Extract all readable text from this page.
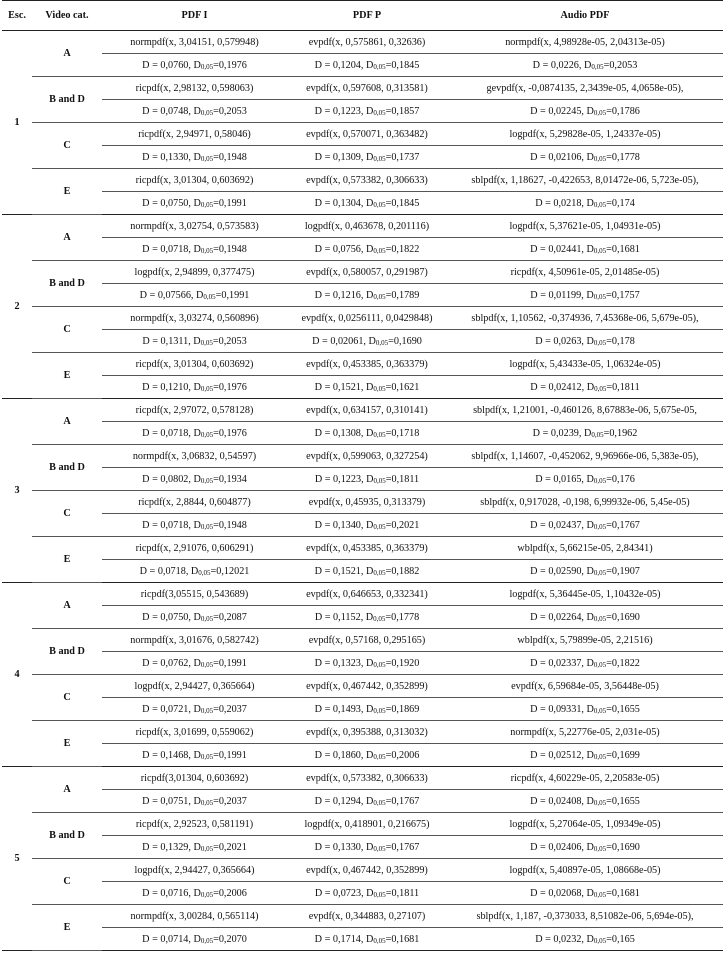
Esc.	Video cat.	PDF I	PDF P	Audio PDF
1	A	normpdf(x, 3,04151, 0,579948)	evpdf(x, 0,575861, 0,32636)	normpdf(x, 4,98928e-05, 2,04313e-05)
		D = 0,0760, $D_{0,05}=0,1976$	D = 0,1204, $D_{0,05}=0,1845$	D = 0,0226, $D_{0,05}=0,2053$
	B and D	ricpdf(x, 2,98132, 0,598063)	evpdf(x, 0,597608, 0,313581)	gevpdf(x, -0,0874135, 2,3439e-05, 4,0658e-05),
		D = 0,0748, $D_{0,05}=0,2053$	D = 0,1223, $D_{0,05}=0,1857$	D = 0,02245, $D_{0,05}=0,1786$
	C	ricpdf(x, 2,94971, 0,58046)	evpdf(x, 0,570071, 0,363482)	logpdf(x, 5,29828e-05, 1,24337e-05)
		D = 0,1330, $D_{0,05}=0,1948$	D = 0,1309, $D_{0,05}=0,1737$	D = 0,02106, $D_{0,05}=0,1778$
	E	ricpdf(x, 3,01304, 0,603692)	evpdf(x, 0,573382, 0,306633)	sblpdf(x, 1,18627, -0,422653, 8,01472e-06, 5,723e-05),
		D = 0,0750, $D_{0,05}=0,1991$	D = 0,1304, $D_{0,05}=0,1845$	D = 0,0218, $D_{0,05}=0,174$
2	A	normpdf(x, 3,02754, 0,573583)	logpdf(x, 0,463678, 0,201116)	logpdf(x, 5,37621e-05, 1,04931e-05)
		D = 0,0718, $D_{0,05}=0,1948$	D = 0,0756, $D_{0,05}=0,1822$	D = 0,02441, $D_{0,05}=0,1681$
	B and D	logpdf(x, 2,94899, 0,377475)	evpdf(x, 0,580057, 0,291987)	ricpdf(x, 4,50961e-05, 2,01485e-05)
		D = 0,07566, $D_{0,05}=0,1991$	D = 0,1216, $D_{0,05}=0,1789$	D = 0,01199, $D_{0,05}=0,1757$
	C	normpdf(x, 3,03274, 0,560896)	evpdf(x, 0,0256111, 0,0429848)	sblpdf(x, 1,10562, -0,374936, 7,45368e-06, 5,679e-05),
		D = 0,1311, $D_{0,05}=0,2053$	D = 0,02061, $D_{0,05}=0,1690$	D = 0,0263, $D_{0,05}=0,178$
	E	ricpdf(x, 3,01304, 0,603692)	evpdf(x, 0,453385, 0,363379)	logpdf(x, 5,43433e-05, 1,06324e-05)
		D = 0,1210, $D_{0,05}=0,1976$	D = 0,1521, $D_{0,05}=0,1621$	D = 0,02412, $D_{0,05}=0,1811$
3	A	ricpdf(x, 2,97072, 0,578128)	evpdf(x, 0,634157, 0,310141)	sblpdf(x, 1,21001, -0,460126, 8,67883e-06, 5,675e-05,
		D = 0,0718, $D_{0,05}=0,1976$	D = 0,1308, $D_{0,05}=0,1718$	D = 0,0239, $D_{0,05}=0,1962$
	B and D	normpdf(x, 3,06832, 0,54597)	evpdf(x, 0,599063, 0,327254)	sblpdf(x, 1,14607, -0,452062, 9,96966e-06, 5,383e-05),
		D = 0,0802, $D_{0,05}=0,1934$	D = 0,1223, $D_{0,05}=0,1811$	D = 0,0165, $D_{0,05}=0,176$
	C	ricpdf(x, 2,8844, 0,604877)	evpdf(x, 0,45935, 0,313379)	sblpdf(x, 0,917028, -0,198, 6,99932e-06, 5,45e-05)
		D = 0,0718, $D_{0,05}=0,1948$	D = 0,1340, $D_{0,05}=0,2021$	D = 0,02437, $D_{0,05}=0,1767$
	E	ricpdf(x, 2,91076, 0,606291)	evpdf(x, 0,453385, 0,363379)	wblpdf(x, 5,66215e-05, 2,84341)
		D = 0,0718, $D_{0,05}=0,12021$	D = 0,1521, $D_{0,05}=0,1882$	D = 0,02590, $D_{0,05}=0,1907$
4	A	ricpdf(3,05515, 0,543689)	evpdf(x, 0,646653, 0,332341)	logpdf(x, 5,36445e-05, 1,10432e-05)
		D = 0,0750, $D_{0,05}=0,2087$	D = 0,1152, $D_{0,05}=0,1778$	D = 0,02264, $D_{0,05}=0,1690$
	B and D	normpdf(x, 3,01676, 0,582742)	evpdf(x, 0,57168, 0,295165)	wblpdf(x, 5,79899e-05, 2,21516)
		D = 0,0762, $D_{0,05}=0,1991$	D = 0,1323, $D_{0,05}=0,1920$	D = 0,02337, $D_{0,05}=0,1822$
	C	logpdf(x, 2,94427, 0,365664)	evpdf(x, 0,467442, 0,352899)	evpdf(x, 6,59684e-05, 3,56448e-05)
		D = 0,0721, $D_{0,05}=0,2037$	D = 0,1493, $D_{0,05}=0,1869$	D = 0,09331, $D_{0,05}=0,1655$
	E	ricpdf(x, 3,01699, 0,559062)	evpdf(x, 0,395388, 0,313032)	normpdf(x, 5,22776e-05, 2,031e-05)
		D = 0,1468, $D_{0,05}=0,1991$	D = 0,1860, $D_{0,05}=0,2006$	D = 0,02512, $D_{0,05}=0,1699$
5	A	ricpdf(3,01304, 0,603692)	evpdf(x, 0,573382, 0,306633)	ricpdf(x, 4,60229e-05, 2,20583e-05)
		D = 0,0751, $D_{0,05}=0,2037$	D = 0,1294, $D_{0,05}=0,1767$	D = 0,02408, $D_{0,05}=0,1655$
	B and D	ricpdf(x, 2,92523, 0,581191)	logpdf(x, 0,418901, 0,216675)	logpdf(x, 5,27064e-05, 1,09349e-05)
		D = 0,1329, $D_{0,05}=0,2021$	D = 0,1330, $D_{0,05}=0,1767$	D = 0,02406, $D_{0,05}=0,1690$
	C	logpdf(x, 2,94427, 0,365664)	evpdf(x, 0,467442, 0,352899)	logpdf(x, 5,40897e-05, 1,08668e-05)
		D = 0,0716, $D_{0,05}=0,2006$	D = 0,0723, $D_{0,05}=0,1811$	D = 0,02068, $D_{0,05}=0,1681$
	E	normpdf(x, 3,00284, 0,565114)	evpdf(x, 0,344883, 0,27107)	sblpdf(x, 1,187, -0,373033, 8,51082e-06, 5,694e-05),
		D = 0,0714, $D_{0,05}=0,2070$	D = 0,1714, $D_{0,05}=0,1681$	D = 0,0232, $D_{0,05}=0,165$
